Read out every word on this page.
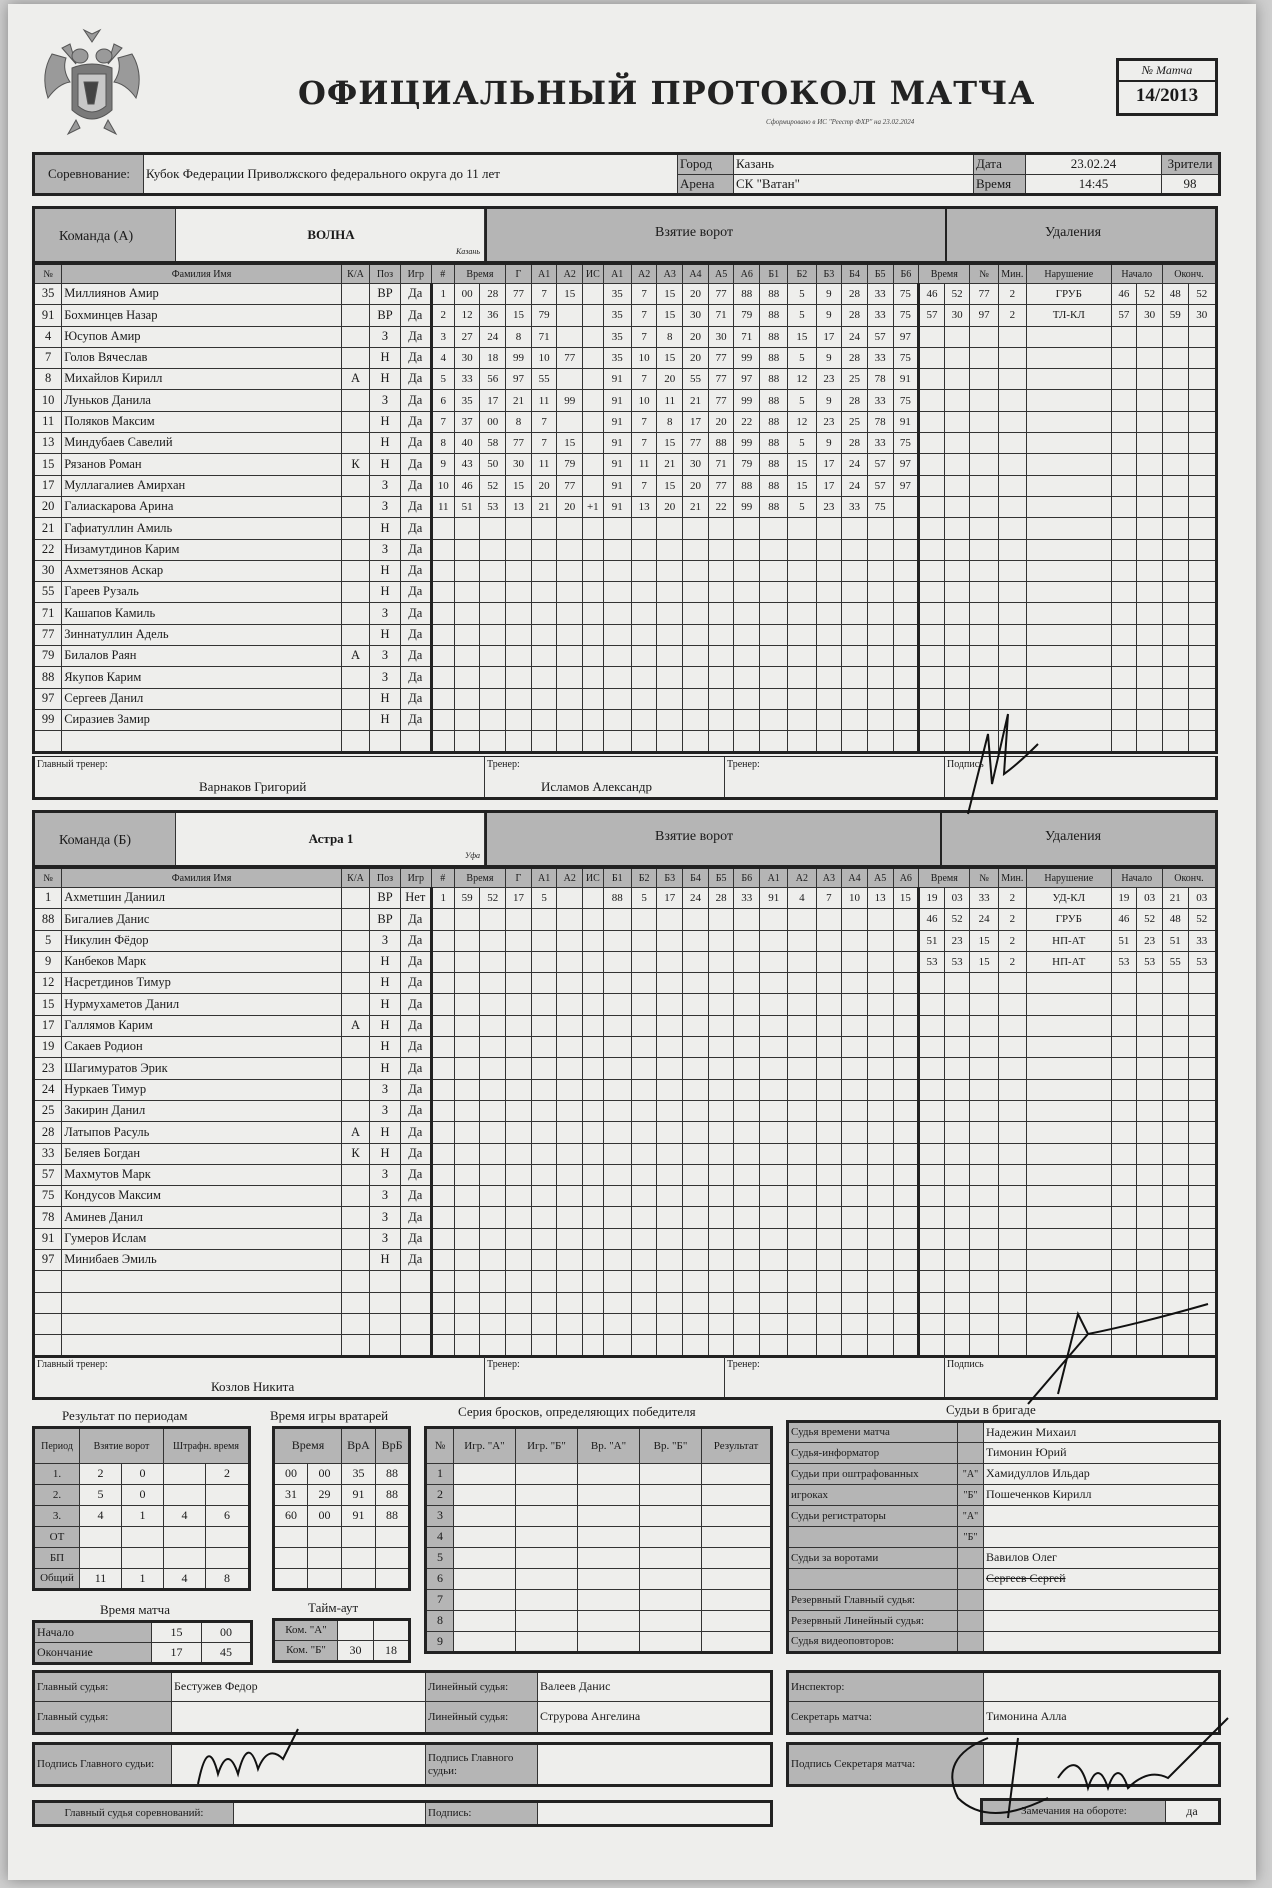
ОФИЦИАЛЬНЫЙ ПРОТОКОЛ МАТЧА
Сформировано в ИС "Реестр ФХР" на 23.02.2024
№ Матча
14/2013
Соревнование:	Кубок Федерации Приволжского федерального округа до 11 лет	Город	Казань	Дата	23.02.24	Зрители
		Арена	СК "Ватан"	Время	14:45	98
Команда (А)	ВОЛНА
Казань
Взятие ворот	Удаления
№	Фамилия Имя	К/А	Поз	Игр	#	Время		Г	А1	А2	ИС	А1	А2	А3	А4	А5	А6	Б1	Б2	Б3	Б4	Б5	Б6	Время		№	Мин.	Нарушение	Начало		Оконч.	
35	Миллиянов Амир		ВР	Да	1	00	28	77	7	15		35	7	15	20	77	88	88	5	9	28	33	75	46	52	77	2	ГРУБ	46	52	48	52
91	Бохминцев Назар		ВР	Да	2	12	36	15	79			35	7	15	30	71	79	88	5	9	28	33	75	57	30	97	2	ТЛ-КЛ	57	30	59	30
4	Юсупов Амир		З	Да	3	27	24	8	71			35	7	8	20	30	71	88	15	17	24	57	97									
7	Голов Вячеслав		Н	Да	4	30	18	99	10	77		35	10	15	20	77	99	88	5	9	28	33	75									
8	Михайлов Кирилл	А	Н	Да	5	33	56	97	55			91	7	20	55	77	97	88	12	23	25	78	91									
10	Луньков Данила		З	Да	6	35	17	21	11	99		91	10	11	21	77	99	88	5	9	28	33	75									
11	Поляков Максим		Н	Да	7	37	00	8	7			91	7	8	17	20	22	88	12	23	25	78	91									
13	Миндубаев Савелий		Н	Да	8	40	58	77	7	15		91	7	15	77	88	99	88	5	9	28	33	75									
15	Рязанов Роман	К	Н	Да	9	43	50	30	11	79		91	11	21	30	71	79	88	15	17	24	57	97									
17	Муллагалиев Амирхан		З	Да	10	46	52	15	20	77		91	7	15	20	77	88	88	15	17	24	57	97									
20	Галиаскарова Арина		З	Да	11	51	53	13	21	20	+1	91	13	20	21	22	99	88	5	23	33	75										
21	Гафиатуллин Амиль		Н	Да																												
22	Низамутдинов Карим		З	Да																												
30	Ахметзянов Аскар		Н	Да																												
55	Гареев Рузаль		Н	Да																												
71	Кашапов Камиль		З	Да																												
77	Зиннатуллин Адель		Н	Да																												
79	Билалов Раян	А	З	Да																												
88	Якупов Карим		З	Да																												
97	Сергеев Данил		Н	Да																												
99	Сиразиев Замир		Н	Да																												

Главный тренер:
Варнаков Григорий
Тренер:
Исламов Александр
Тренер:	Подпись
Команда (Б)	Астра 1
Уфа
Взятие ворот	Удаления
№	Фамилия Имя	К/А	Поз	Игр	#	Время		Г	А1	А2	ИС	Б1	Б2	Б3	Б4	Б5	Б6	А1	А2	А3	А4	А5	А6	Время		№	Мин.	Нарушение	Начало		Оконч.	
1	Ахметшин Даниил		ВР	Нет	1	59	52	17	5			88	5	17	24	28	33	91	4	7	10	13	15	19	03	33	2	УД-КЛ	19	03	21	03
88	Бигалиев Данис		ВР	Да																				46	52	24	2	ГРУБ	46	52	48	52
5	Никулин Фёдор		З	Да																				51	23	15	2	НП-АТ	51	23	51	33
9	Канбеков Марк		Н	Да																				53	53	15	2	НП-АТ	53	53	55	53
12	Насретдинов Тимур		Н	Да																												
15	Нурмухаметов Данил		Н	Да																												
17	Галлямов Карим	А	Н	Да																												
19	Сакаев Родион		Н	Да																												
23	Шагимуратов Эрик		Н	Да																												
24	Нуркаев Тимур		З	Да																												
25	Закирин Данил		З	Да																												
28	Латыпов Расуль	А	Н	Да																												
33	Беляев Богдан	К	Н	Да																												
57	Махмутов Марк		З	Да																												
75	Кондусов Максим		З	Да																												
78	Аминев Данил		З	Да																												
91	Гумеров Ислам		З	Да																												
97	Минибаев Эмиль		Н	Да																												

Главный тренер:
Козлов Никита
Тренер:	Тренер:	Подпись
Результат по периодам
Период	Взятие ворот		Штрафн. время	
1.	2	0		2
2.	5	0		
3.	4	1	4	6
ОТ				
БП				
Общий	11	1	4	8
Время игры вратарей
Время		ВрА	ВрБ
00	00	35	88
31	29	91	88
60	00	91	88

Серия бросков, определяющих победителя
№	Игр. "А"	Игр. "Б"	Вр. "А"	Вр. "Б"	Результат
1					
2					
3					
4					
5					
6					
7					
8					
9					
Время матча
Начало	15	00
Окончание	17	45
Тайм-аут
Ком. "А"		
Ком. "Б"	30	18
Судьи в бригаде
Судья времени матча		Надежин Михаил
Судья-информатор		Тимонин Юрий
Судьи при оштрафованных	"А"	Хамидуллов Ильдар
игроках	"Б"	Пошеченков Кирилл
Судьи регистраторы	"А"	
	"Б"	
Судьи за воротами		Вавилов Олег
		Сергеев Сергей
Резервный Главный судья:		
Резервный Линейный судья:		
Судья видеоповторов:		
Главный судья:	Бестужев Федор	Линейный судья:	Валеев Данис
Главный судья:		Линейный судья:	Струрова Ангелина
Подпись Главного судьи:		Подпись Главного судьи:	
Главный судья соревнований:		Подпись:	
Инспектор:	
Секретарь матча:	Тимонина Алла
Подпись Секретаря матча:	
Замечания на обороте:	да
